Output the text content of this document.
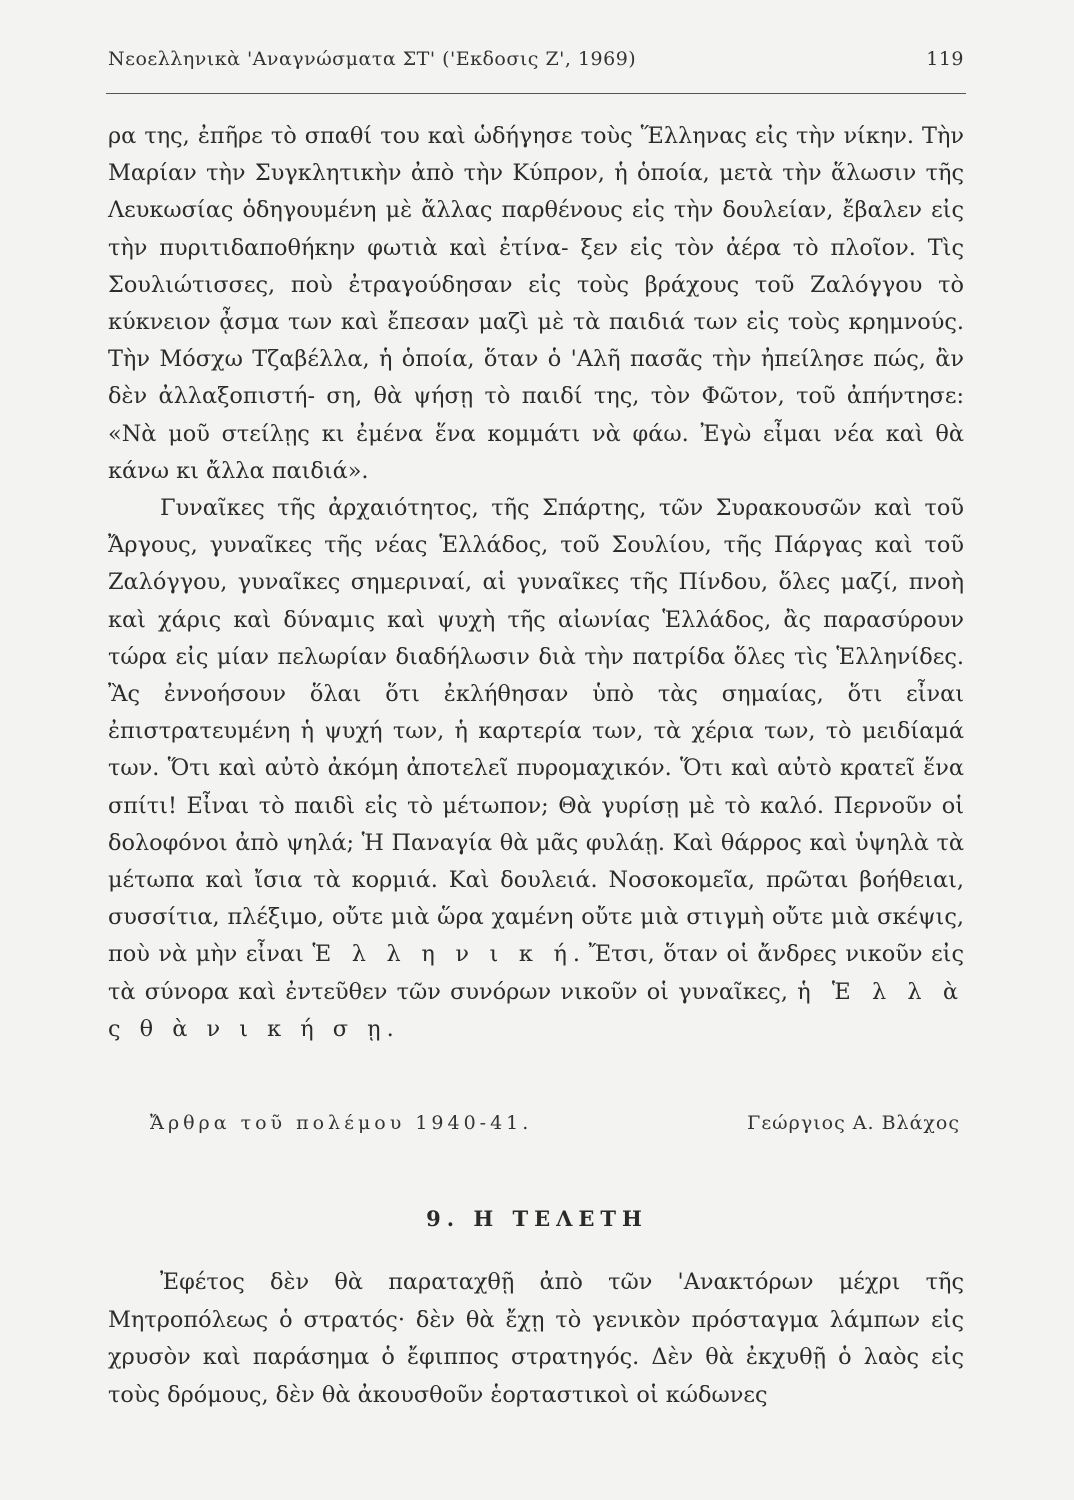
Νεοελληνικὰ 'Αναγνώσματα ΣΤ' ('Εκδοσις Ζ', 1969)	119

ρα της, ἐπῆρε τὸ σπαθί του καὶ ὡδήγησε τοὺς Ἕλληνας εἰς τὴν νίκην. Τὴν Μαρίαν τὴν Συγκλητικὴν ἀπὸ τὴν Κύπρον, ἡ ὁποία, μετὰ τὴν ἅλωσιν τῆς Λευκωσίας ὁδηγουμένη μὲ ἄλλας παρθένους εἰς τὴν δουλείαν, ἔβαλεν εἰς τὴν πυριτιδαποθήκην φωτιὰ καὶ ἐτίνα- ξεν εἰς τὸν ἀέρα τὸ πλοῖον. Τὶς Σουλιώτισσες, ποὺ ἐτραγούδησαν εἰς τοὺς βράχους τοῦ Ζαλόγγου τὸ κύκνειον ᾆσμα των καὶ ἔπεσαν μαζὶ μὲ τὰ παιδιά των εἰς τοὺς κρημνούς. Τὴν Μόσχω Τζαβέλλα, ἡ ὁποία, ὅταν ὁ 'Αλῆ πασᾶς τὴν ἠπείλησε πώς, ἂν δὲν ἀλλαξοπιστή- ση, θὰ ψήσῃ τὸ παιδί της, τὸν Φῶτον, τοῦ ἀπήντησε: «Νὰ μοῦ στείλῃς κι ἐμένα ἕνα κομμάτι νὰ φάω. Ἐγὼ εἶμαι νέα καὶ θὰ κάνω κι ἄλλα παιδιά».

Γυναῖκες τῆς ἀρχαιότητος, τῆς Σπάρτης, τῶν Συρακουσῶν καὶ τοῦ Ἄργους, γυναῖκες τῆς νέας Ἑλλάδος, τοῦ Σουλίου, τῆς Πάργας καὶ τοῦ Ζαλόγγου, γυναῖκες σημεριναί, αἱ γυναῖκες τῆς Πίνδου, ὅλες μαζί, πνοὴ καὶ χάρις καὶ δύναμις καὶ ψυχὴ τῆς αἰωνίας Ἑλλάδος, ἂς παρασύρουν τώρα εἰς μίαν πελωρίαν διαδήλωσιν διὰ τὴν πατρίδα ὅλες τὶς Ἑλληνίδες. Ἂς ἐννοήσουν ὅλαι ὅτι ἐκλήθησαν ὑπὸ τὰς σημαίας, ὅτι εἶναι ἐπιστρατευμένη ἡ ψυχή των, ἡ καρτερία των, τὰ χέρια των, τὸ μειδίαμά των. Ὅτι καὶ αὐτὸ ἀκόμη ἀποτελεῖ πυρομαχικόν. Ὅτι καὶ αὐτὸ κρατεῖ ἕνα σπίτι! Εἶναι τὸ παιδὶ εἰς τὸ μέτωπον; Θὰ γυρίσῃ μὲ τὸ καλό. Περνοῦν οἱ δολοφόνοι ἀπὸ ψηλά; Ἡ Παναγία θὰ μᾶς φυλάῃ. Καὶ θάρρος καὶ ὑψηλὰ τὰ μέτωπα καὶ ἴσια τὰ κορμιά. Καὶ δουλειά. Νοσοκομεῖα, πρῶται βοήθειαι, συσσίτια, πλέξιμο, οὔτε μιὰ ὥρα χαμένη οὔτε μιὰ στιγμὴ οὔτε μιὰ σκέψις, ποὺ νὰ μὴν εἶναι Ἑ λ λ η ν ι κ ή. Ἔτσι, ὅταν οἱ ἄνδρες νικοῦν εἰς τὰ σύνορα καὶ ἐντεῦθεν τῶν συνόρων νικοῦν οἱ γυναῖκες, ἡ Ἑ λ λ ὰ ς θ ὰ ν ι κ ή σ ῃ.

Ἄρθρα τοῦ πολέμου 1940-41.	Γεώργιος Α. Βλάχος
9. Η ΤΕΛΕΤΗ

Ἐφέτος δὲν θὰ παραταχθῇ ἀπὸ τῶν 'Ανακτόρων μέχρι τῆς Μητροπόλεως ὁ στρατός· δὲν θὰ ἔχῃ τὸ γενικὸν πρόσταγμα λάμπων εἰς χρυσὸν καὶ παράσημα ὁ ἔφιππος στρατηγός. Δὲν θὰ ἐκχυθῇ ὁ λαὸς εἰς τοὺς δρόμους, δὲν θὰ ἀκουσθοῦν ἑορταστικοὶ οἱ κώδωνες
